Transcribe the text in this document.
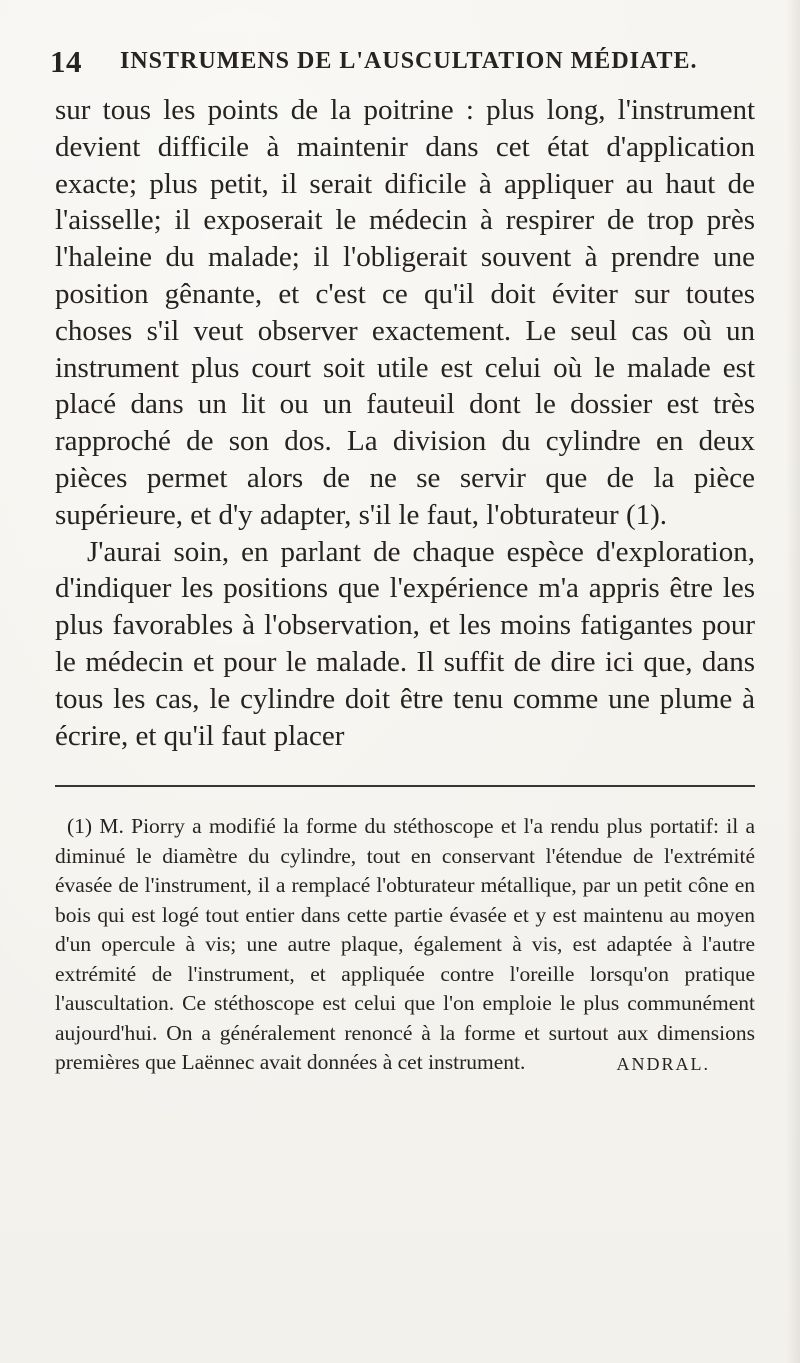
14 INSTRUMENS DE L'AUSCULTATION MÉDIATE.

sur tous les points de la poitrine : plus long, l'instrument devient difficile à maintenir dans cet état d'application exacte; plus petit, il serait dificile à appliquer au haut de l'aisselle; il exposerait le médecin à respirer de trop près l'haleine du malade; il l'obligerait souvent à prendre une position gênante, et c'est ce qu'il doit éviter sur toutes choses s'il veut observer exactement. Le seul cas où un instrument plus court soit utile est celui où le malade est placé dans un lit ou un fauteuil dont le dossier est très rapproché de son dos. La division du cylindre en deux pièces permet alors de ne se servir que de la pièce supérieure, et d'y adapter, s'il le faut, l'obturateur (1).

J'aurai soin, en parlant de chaque espèce d'exploration, d'indiquer les positions que l'expérience m'a appris être les plus favorables à l'observation, et les moins fatigantes pour le médecin et pour le malade. Il suffit de dire ici que, dans tous les cas, le cylindre doit être tenu comme une plume à écrire, et qu'il faut placer

(1) M. Piorry a modifié la forme du stéthoscope et l'a rendu plus portatif: il a diminué le diamètre du cylindre, tout en conservant l'étendue de l'extrémité évasée de l'instrument, il a remplacé l'obturateur métallique, par un petit cône en bois qui est logé tout entier dans cette partie évasée et y est maintenu au moyen d'un opercule à vis; une autre plaque, également à vis, est adaptée à l'autre extrémité de l'instrument, et appliquée contre l'oreille lorsqu'on pratique l'auscultation. Ce stéthoscope est celui que l'on emploie le plus communément aujourd'hui. On a généralement renoncé à la forme et surtout aux dimensions premières que Laënnec avait données à cet instrument.	ANDRAL.
